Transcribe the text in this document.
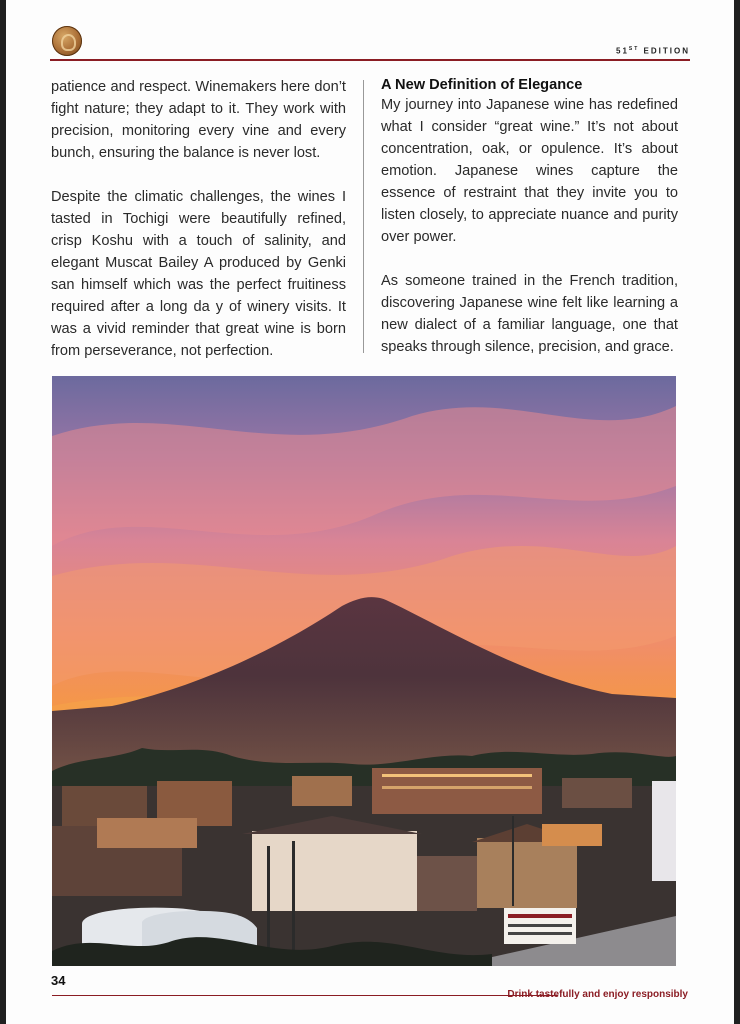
51ST EDITION

patience and respect. Winemakers here don’t fight nature; they adapt to it. They work with precision, monitoring every vine and every bunch, ensuring the balance is never lost.

Despite the climatic challenges, the wines I tasted in Tochigi were beautifully refined, crisp Koshu with a touch of salinity, and elegant Muscat Bailey A produced by Genki san himself which was the perfect fruitiness required after a long da y of winery visits. It was a vivid reminder that great wine is born from perseverance, not perfection.

A New Definition of Elegance

My journey into Japanese wine has redefined what I consider “great wine.” It’s not about concentration, oak, or opulence. It’s about emotion. Japanese wines capture the essence of restraint that they invite you to listen closely, to appreciate nuance and purity over power.

As someone trained in the French tradition, discovering Japanese wine felt like learning a new dialect of a familiar language, one that speaks through silence, precision, and grace.

34
Drink tastefully and enjoy responsibly
